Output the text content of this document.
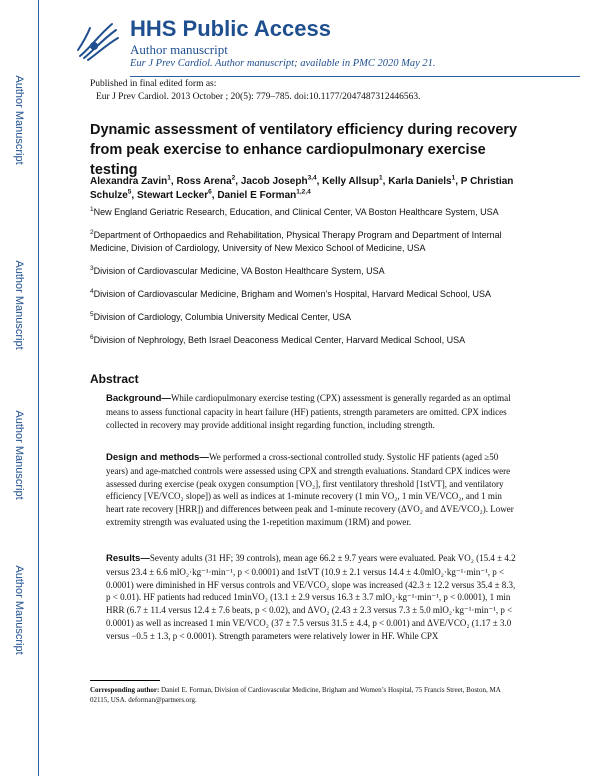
Author Manuscript
Author Manuscript
Author Manuscript
Author Manuscript
HHS Public Access
Author manuscript
Eur J Prev Cardiol. Author manuscript; available in PMC 2020 May 21.
Published in final edited form as:
Eur J Prev Cardiol. 2013 October ; 20(5): 779–785. doi:10.1177/2047487312446563.
Dynamic assessment of ventilatory efficiency during recovery from peak exercise to enhance cardiopulmonary exercise testing
Alexandra Zavin$^1$, Ross Arena$^2$, Jacob Joseph$^{3,4}$, Kelly Allsup$^1$, Karla Daniels$^1$, P Christian Schulze$^5$, Stewart Lecker$^6$, Daniel E Forman$^{1,2,4}$
$^1$New England Geriatric Research, Education, and Clinical Center, VA Boston Healthcare System, USA
$^2$Department of Orthopaedics and Rehabilitation, Physical Therapy Program and Department of Internal Medicine, Division of Cardiology, University of New Mexico School of Medicine, USA
$^3$Division of Cardiovascular Medicine, VA Boston Healthcare System, USA
$^4$Division of Cardiovascular Medicine, Brigham and Women’s Hospital, Harvard Medical School, USA
$^5$Division of Cardiology, Columbia University Medical Center, USA
$^6$Division of Nephrology, Beth Israel Deaconess Medical Center, Harvard Medical School, USA
Abstract
Background—While cardiopulmonary exercise testing (CPX) assessment is generally regarded as an optimal means to assess functional capacity in heart failure (HF) patients, strength parameters are omitted. CPX indices collected in recovery may provide additional insight regarding function, including strength.
Design and methods—We performed a cross-sectional controlled study. Systolic HF patients (aged ≥50 years) and age-matched controls were assessed using CPX and strength evaluations. Standard CPX indices were assessed during exercise (peak oxygen consumption [VO₂], first ventilatory threshold [1stVT], and ventilatory efficiency [VE/VCO₂ slope]) as well as indices at 1-minute recovery (1 min VO₂, 1 min VE/VCO₂, and 1 min heart rate recovery [HRR]) and differences between peak and 1-minute recovery (ΔVO₂ and ΔVE/VCO₂). Lower extremity strength was evaluated using the 1-repetition maximum (1RM) and power.
Results—Seventy adults (31 HF; 39 controls), mean age 66.2 ± 9.7 years were evaluated. Peak VO₂ (15.4 ± 4.2 versus 23.4 ± 6.6 mlO₂·kg⁻¹·min⁻¹, p < 0.0001) and 1stVT (10.9 ± 2.1 versus 14.4 ± 4.0mlO₂·kg⁻¹·min⁻¹, p < 0.0001) were diminished in HF versus controls and VE/VCO₂ slope was increased (42.3 ± 12.2 versus 35.4 ± 8.3, p < 0.01). HF patients had reduced 1minVO₂ (13.1 ± 2.9 versus 16.3 ± 3.7 mlO₂·kg⁻¹·min⁻¹, p < 0.0001), 1 min HRR (6.7 ± 11.4 versus 12.4 ± 7.6 beats, p < 0.02), and ΔVO₂ (2.43 ± 2.3 versus 7.3 ± 5.0 mlO₂·kg⁻¹·min⁻¹, p < 0.0001) as well as increased 1 min VE/VCO₂ (37 ± 7.5 versus 31.5 ± 4.4, p < 0.001) and ΔVE/VCO₂ (1.17 ± 3.0 versus −0.5 ± 1.3, p < 0.0001). Strength parameters were relatively lower in HF. While CPX
Corresponding author: Daniel E. Forman, Division of Cardiovascular Medicine, Brigham and Women’s Hospital, 75 Francis Street, Boston, MA 02115, USA. deforman@partners.org.
